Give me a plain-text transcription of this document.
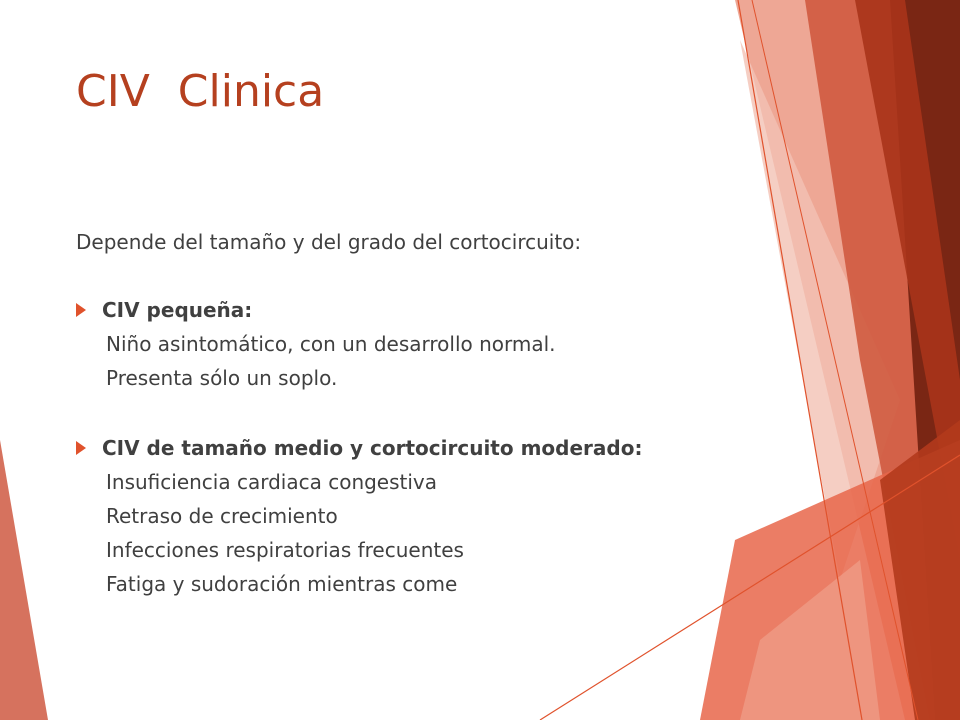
CIV  Clinica
Depende del tamaño y del grado del cortocircuito:
CIV pequeña:
Niño asintomático, con un desarrollo normal.
Presenta sólo un soplo.
CIV de tamaño medio y cortocircuito moderado:
Insuficiencia cardiaca congestiva
Retraso de crecimiento
Infecciones respiratorias frecuentes
Fatiga y sudoración mientras come
